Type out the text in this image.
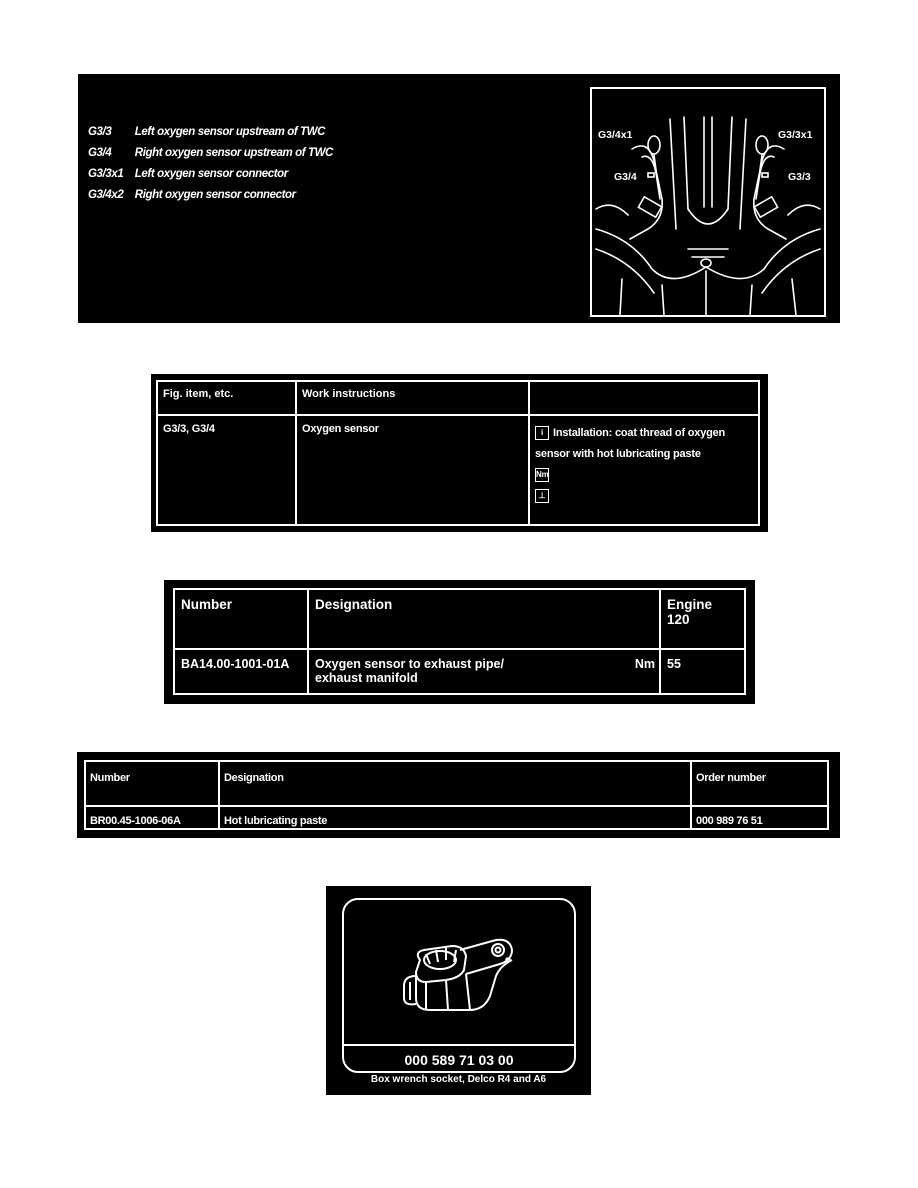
G3/3 Left oxygen sensor upstream of TWC
G3/4 Right oxygen sensor upstream of TWC
G3/3x1 Left oxygen sensor connector
G3/4x2 Right oxygen sensor connector
G3/4x1	G3/3x1
G3/4	G3/3
Fig. item, etc.	Work instructions	
G3/3, G3/4	Oxygen sensor	i Installation: coat thread of oxygen
sensor with hot lubricating paste
Nm
⊥
Number	Designation	Engine
120

BA14.00-1001-01A	Oxygen sensor to exhaust pipe/
exhaust manifold
Nm	55
Number	Designation	Order number
BR00.45-1006-06A	Hot lubricating paste	000 989 76 51
000 589 71 03 00
Box wrench socket, Delco R4 and A6
